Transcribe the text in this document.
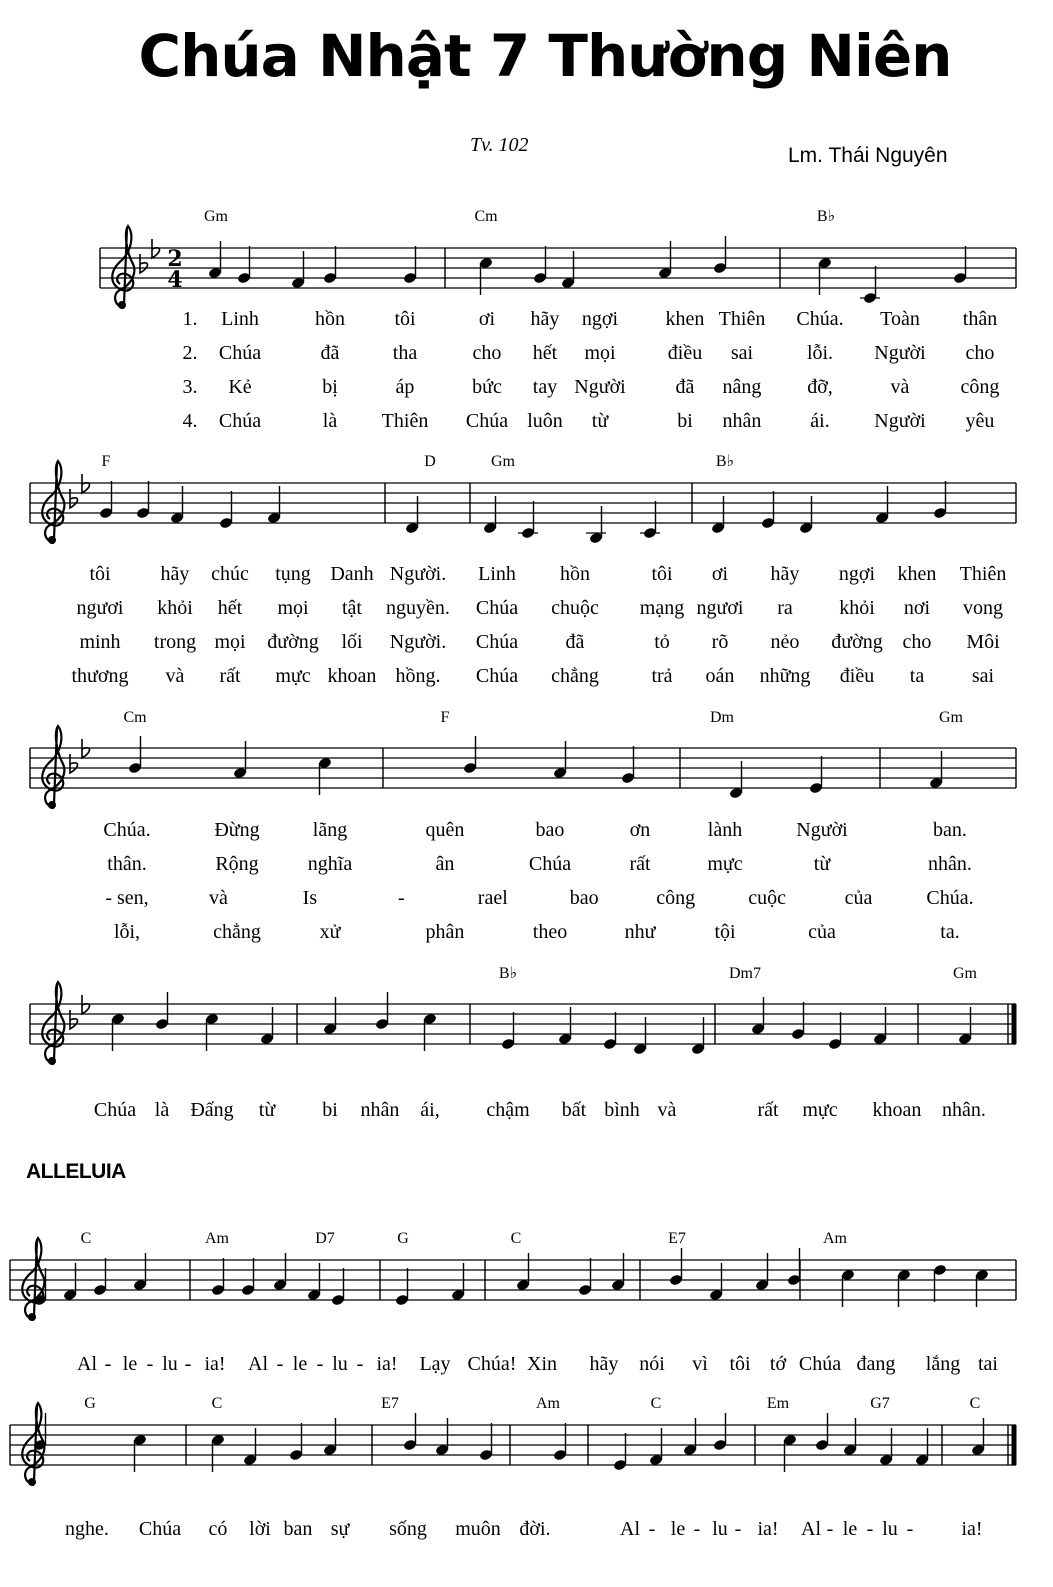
Chúa Nhật 7 Thường Niên
Tv. 102	Lm. Thái Nguyên
ALLELUIA
2
4
Gm	Cm	B♭
1. Linh	hồn tôi	ơi hãy ngợi khen Thiên Chúa. Toàn thân
2. Chúa	đã	tha	cho hết mọi	điều sai	lỗi. Người cho
3. Kẻ	bị	áp	bức tay Người đã nâng đỡ,	và	công
4. Chúa	là Thiên Chúa luôn từ	bi nhân ái. Người yêu
F	D	Gm	B♭
tôi hãy chúc tụng Danh Người. Linh hồn	tôi ơi hãy ngợi khen Thiên
ngươi khỏi hết mọi tật nguyền. Chúa chuộc mạng ngươi ra khỏi nơi vong
minh trong mọi đường lối Người. Chúa đã	tỏ rõ nẻo đường cho Môi
thương và rất mực khoan hồng. Chúa chẳng	trả oán những điều ta sai
Cm	F	Dm	Gm
Chúa.	Đừng	lãng	quên	bao	ơn	lành	Người	ban.
thân.	Rộng nghĩa	ân	Chúa	rất	mực	từ	nhân.
- sen,	và	Is	-	rael	bao	công	cuộc	của	Chúa.
lỗi,	chẳng	xử	phân	theo	như	tội	của	ta.
B♭	Dm7	Gm
Chúa là Đấng từ bi nhân ái, chậm bất bình và	rất mực khoan nhân.
C	Am	D7	G	C	E7	Am
Al - le - lu - ia! Al - le - lu - ia! Lạy Chúa! Xin hãy nói vì tôi tớ Chúa đang lắng tai
G	C	E7	Am	C	Em	G7	C
nghe. Chúa có lời ban sự sống muôn đời.	Al - le - lu - ia! Al - le - lu - ia!
